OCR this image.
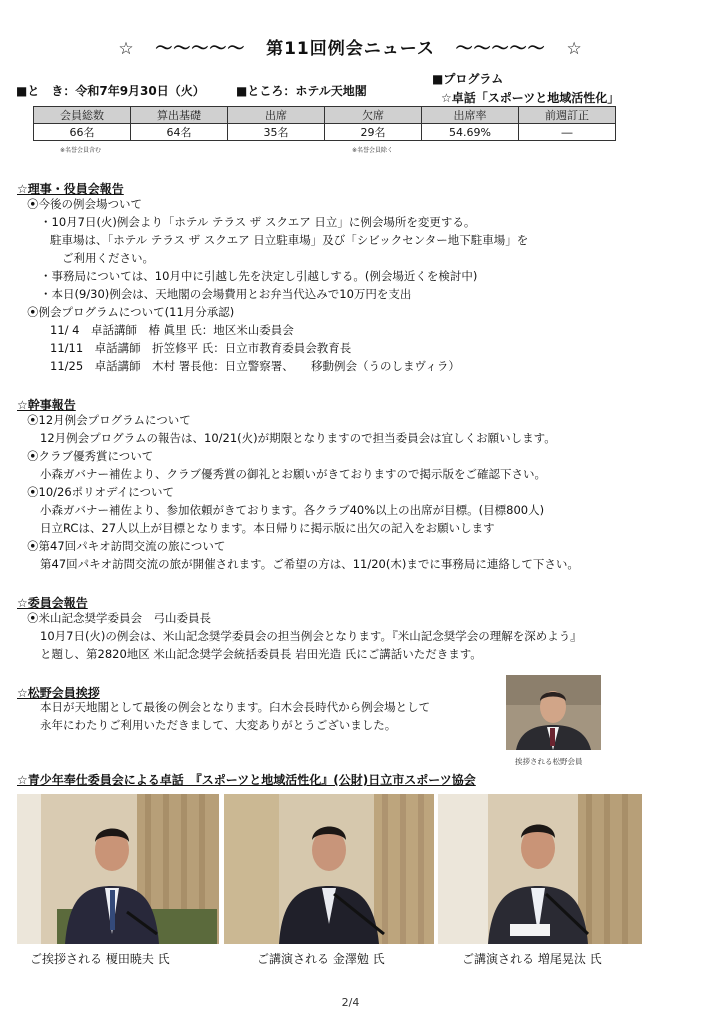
☆ ～～～～～ 第11回例会ニュース ～～～～～ ☆
■と　き：令和7年9月30日（火）	■ところ：ホテル天地閣
■プログラム
☆卓話「スポーツと地域活性化」
会員総数	算出基礎	出席	欠席	出席率	前週訂正
66名	64名	35名	29名	54.69%	―
※名誉会員含む	※名誉会員除く
☆理事・役員会報告
⦿今後の例会場ついて
・10月7日(火)例会より「ホテル テラス ザ スクエア 日立」に例会場所を変更する。
駐車場は、「ホテル テラス ザ スクエア 日立駐車場」及び「シビックセンター地下駐車場」を
ご利用ください。
・事務局については、10月中に引越し先を決定し引越しする。(例会場近くを検討中)
・本日(9/30)例会は、天地閣の会場費用とお弁当代込みで10万円を支出
⦿例会プログラムについて(11月分承認)
11/ 4　卓話講師　椿 眞里 氏：地区米山委員会
11/11　卓話講師　折笠修平 氏：日立市教育委員会教育長
11/25　卓話講師　木村 署長他：日立警察署、　　移動例会（うのしまヴィラ）
☆幹事報告
⦿12月例会プログラムについて
12月例会プログラムの報告は、10/21(火)が期限となりますので担当委員会は宜しくお願いします。
⦿クラブ優秀賞について
小森ガバナー補佐より、クラブ優秀賞の御礼とお願いがきておりますので掲示版をご確認下さい。
⦿10/26ポリオデイについて
小森ガバナー補佐より、参加依頼がきております。各クラブ40%以上の出席が目標。(目標800人)
日立RCは、27人以上が目標となります。本日帰りに掲示版に出欠の記入をお願いします
⦿第47回パキオ訪問交流の旅について
第47回パキオ訪問交流の旅が開催されます。ご希望の方は、11/20(木)までに事務局に連絡して下さい。
☆委員会報告
⦿米山記念奨学委員会　弓山委員長
10月7日(火)の例会は、米山記念奨学委員会の担当例会となります。『米山記念奨学会の理解を深めよう』
と題し、第2820地区 米山記念奨学会統括委員長 岩田光造 氏にご講話いただきます。
☆松野会員挨拶
本日が天地閣として最後の例会となります。臼木会長時代から例会場として
永年にわたりご利用いただきまして、大変ありがとうございました。
挨拶される松野会員
☆青少年奉仕委員会による卓話　『スポーツと地域活性化』(公財)日立市スポーツ協会
ご挨拶される 榎田暁夫 氏	ご講演される 金澤勉 氏	ご講演される 増尾晃汰 氏
2/4
